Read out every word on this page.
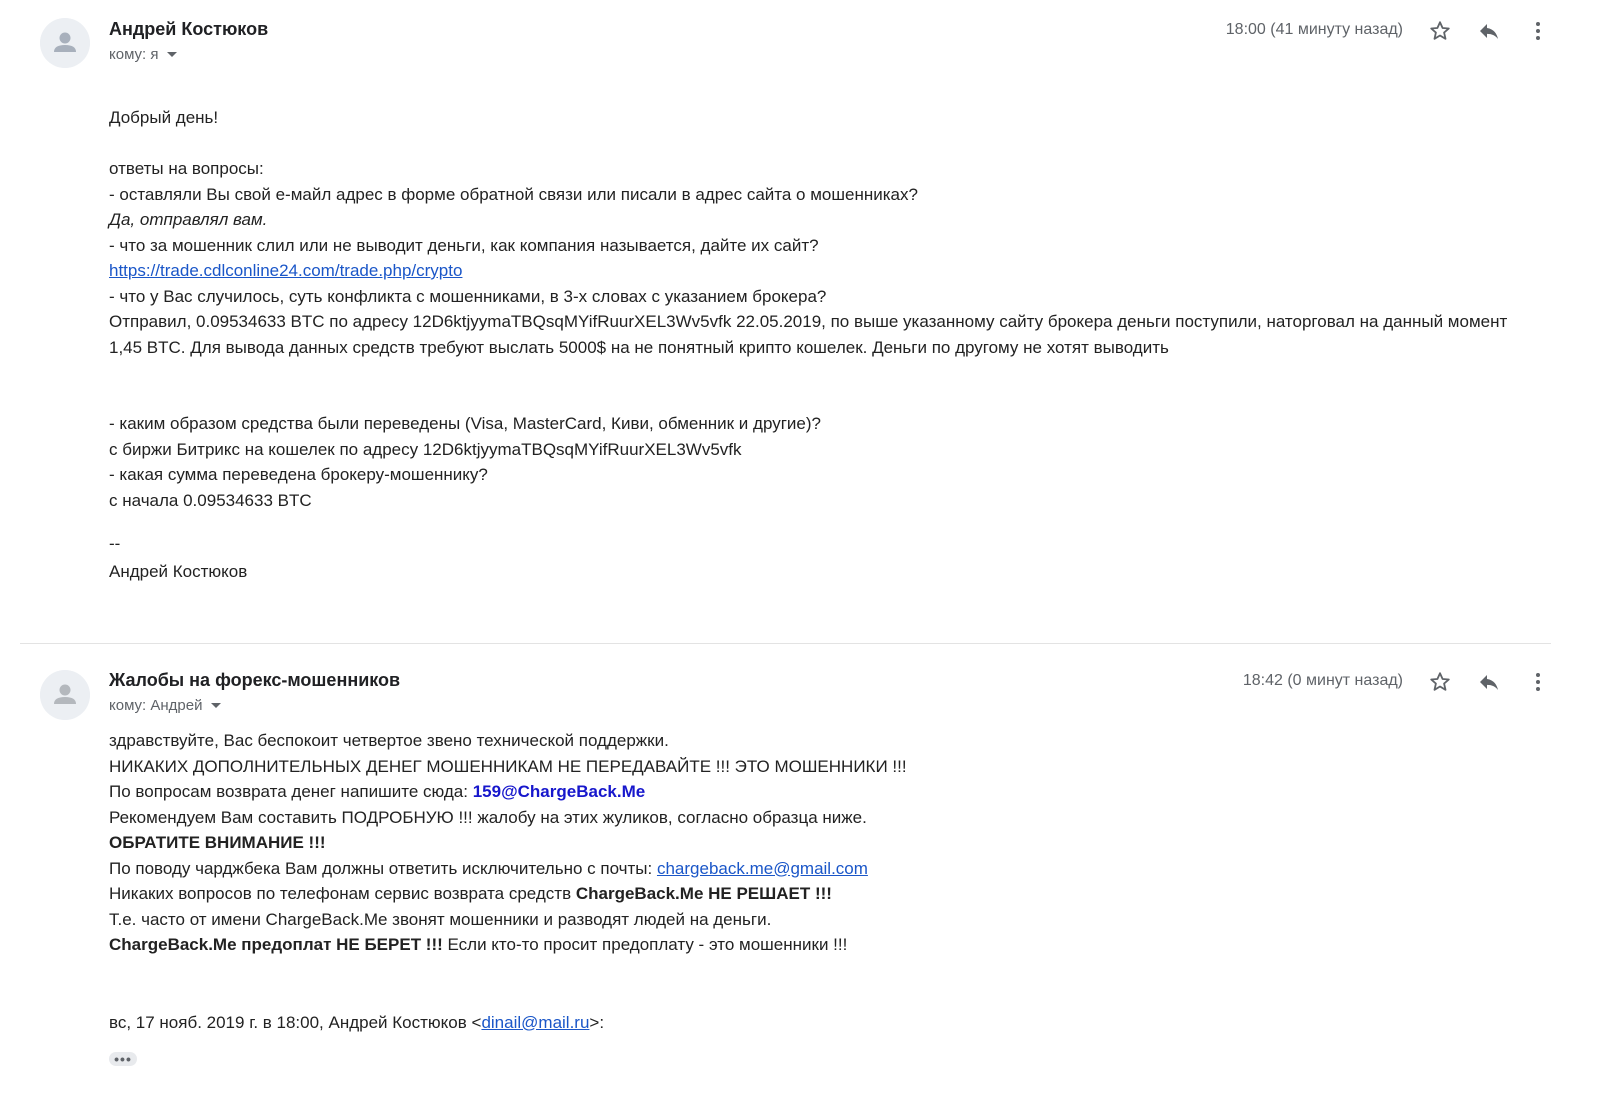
Андрей Костюков
кому: я
18:00 (41 минуту назад)
Добрый день!
ответы на вопросы:
- оставляли Вы свой е-майл адрес в форме обратной связи или писали в адрес сайта о мошенниках?
Да, отправлял вам.
- что за мошенник слил или не выводит деньги, как компания называется, дайте их сайт?
https://trade.cdlconline24.com/trade.php/crypto
- что у Вас случилось, суть конфликта с мошенниками, в 3-х словах с указанием брокера?
Отправил, 0.09534633 BTC по адресу 12D6ktjyymaTBQsqMYifRuurXEL3Wv5vfk 22.05.2019, по выше указанному сайту брокера деньги поступили, наторговал на данный момент 1,45 BTC. Для вывода данных средств требуют выслать 5000$ на не понятный крипто кошелек. Деньги по другому не хотят выводить
- каким образом средства были переведены (Visa, MasterCard, Киви, обменник и другие)?
с биржи Битрикс на кошелек по адресу 12D6ktjyymaTBQsqMYifRuurXEL3Wv5vfk
- какая сумма переведена брокеру-мошеннику?
с начала 0.09534633 BTC
--
Андрей Костюков
Жалобы на форекс-мошенников
кому: Андрей
18:42 (0 минут назад)
здравствуйте, Вас беспокоит четвертое звено технической поддержки.
НИКАКИХ ДОПОЛНИТЕЛЬНЫХ ДЕНЕГ МОШЕННИКАМ НЕ ПЕРЕДАВАЙТЕ !!! ЭТО МОШЕННИКИ !!!
По вопросам возврата денег напишите сюда: 159@ChargeBack.Me
Рекомендуем Вам составить ПОДРОБНУЮ !!! жалобу на этих жуликов, согласно образца ниже.
ОБРАТИТЕ ВНИМАНИЕ !!!
По поводу чарджбека Вам должны ответить исключительно с почты: chargeback.me@gmail.com
Никаких вопросов по телефонам сервис возврата средств ChargeBack.Me НЕ РЕШАЕТ !!!
Т.е. часто от имени ChargeBack.Me звонят мошенники и разводят людей на деньги.
ChargeBack.Me предоплат НЕ БЕРЕТ !!! Если кто-то просит предоплату - это мошенники !!!
вс, 17 нояб. 2019 г. в 18:00, Андрей Костюков <dinail@mail.ru>:
•••
